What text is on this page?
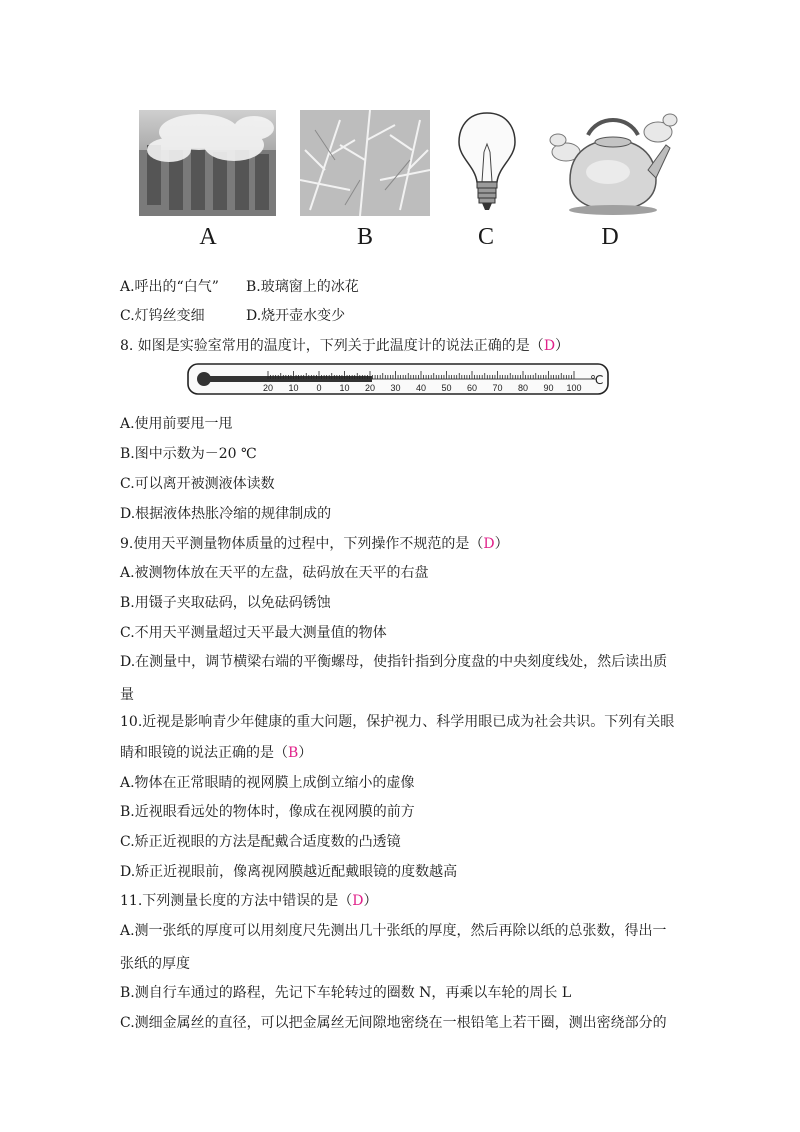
A	B	C	D
A.呼出的“白气” B.玻璃窗上的冰花
C.灯钨丝变细	D.烧开壶水变少
8. 如图是实验室常用的温度计，下列关于此温度计的说法正确的是（D）
20 10 0 10 20 30 40 50 60 70 80 90 100
℃
A.使用前要甩一甩
B.图中示数为－20 ℃
C.可以离开被测液体读数
D.根据液体热胀冷缩的规律制成的
9.使用天平测量物体质量的过程中，下列操作不规范的是（D）
A.被测物体放在天平的左盘，砝码放在天平的右盘
B.用镊子夹取砝码，以免砝码锈蚀
C.不用天平测量超过天平最大测量值的物体
D.在测量中，调节横梁右端的平衡螺母，使指针指到分度盘的中央刻度线处，然后读出质
量
10.近视是影响青少年健康的重大问题，保护视力、科学用眼已成为社会共识。下列有关眼
睛和眼镜的说法正确的是（B）
A.物体在正常眼睛的视网膜上成倒立缩小的虚像
B.近视眼看远处的物体时，像成在视网膜的前方
C.矫正近视眼的方法是配戴合适度数的凸透镜
D.矫正近视眼前，像离视网膜越近配戴眼镜的度数越高
11.下列测量长度的方法中错误的是（D）
A.测一张纸的厚度可以用刻度尺先测出几十张纸的厚度，然后再除以纸的总张数，得出一
张纸的厚度
B.测自行车通过的路程，先记下车轮转过的圈数 N，再乘以车轮的周长 L
C.测细金属丝的直径，可以把金属丝无间隙地密绕在一根铅笔上若干圈，测出密绕部分的
